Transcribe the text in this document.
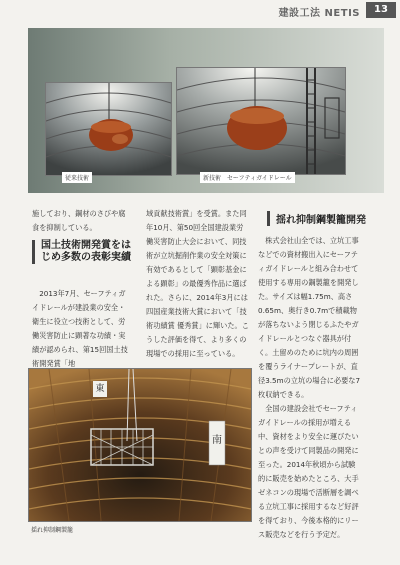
建設工法 NETIS	13
従来技術	新技術　セーフティガイドレール

施しており、鋼材のさびや腐食を抑制している。

国土技術開発賞をはじめ多数の表彰実績

2013年7月、セーフティガイドレールが建設業の安全・衛生に役立つ技術として、労働災害防止に顕著な功績・実績が認められ、第15回国土技術開発賞「地

域貢献技術賞」を受賞。また同年10月、第50回全国建設業労働災害防止大会において、同技術が立坑掘削作業の安全対策に有効であるとして「顕彰基金による顕彰」の最優秀作品に選ばれた。さらに、2014年3月には四国産業技術大賞において「技術功績賞 優秀賞」に輝いた。こうした評価を得て、より多くの現場での採用に至っている。

揺れ抑制鋼製籠開発

株式会社山全では、立坑工事などでの資材搬出入にセーフティガイドレールと組み合わせて使用する専用の鋼製籠を開発した。サイズは幅1.75m、高さ0.65m、奥行き0.7mで積載物が落ちないよう閉じるふたやガイドレールとつなぐ器具が付く。土留めのために坑内の周囲を覆うライナープレートが、直径3.5mの立坑の場合に必要な7枚収納できる。

全国の建設会社でセーフティガイドレールの採用が増える中、資材をより安全に運びたいとの声を受けて同製品の開発に至った。2014年秋頃から試験的に販売を始めたところ、大手ゼネコンの現場で活断層を調べる立坑工事に採用するなど好評を得ており、今後本格的にリース販売などを行う予定だ。

東
南
揺れ抑制鋼製籠
